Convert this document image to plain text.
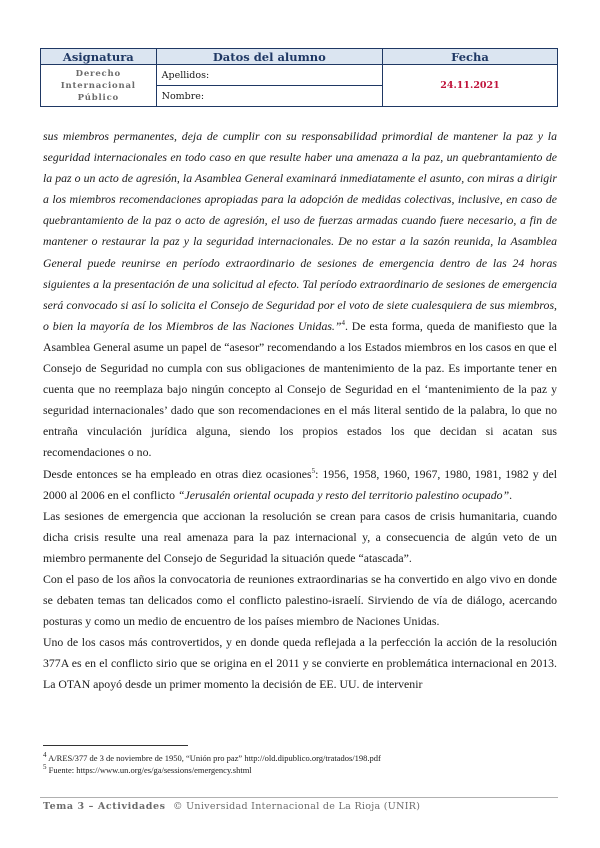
Asignatura	Datos del alumno	Fecha

Derecho
Internacional
Público	Apellidos:	24.11.2021
	Nombre:	

sus miembros permanentes, deja de cumplir con su responsabilidad primordial de mantener la paz y la seguridad internacionales en todo caso en que resulte haber una amenaza a la paz, un quebrantamiento de la paz o un acto de agresión, la Asamblea General examinará inmediatamente el asunto, con miras a dirigir a los miembros recomendaciones apropiadas para la adopción de medidas colectivas, inclusive, en caso de quebrantamiento de la paz o acto de agresión, el uso de fuerzas armadas cuando fuere necesario, a fin de mantener o restaurar la paz y la seguridad internacionales. De no estar a la sazón reunida, la Asamblea General puede reunirse en período extraordinario de sesiones de emergencia dentro de las 24 horas siguientes a la presentación de una solicitud al efecto. Tal período extraordinario de sesiones de emergencia será convocado si así lo solicita el Consejo de Seguridad por el voto de siete cualesquiera de sus miembros, o bien la mayoría de los Miembros de las Naciones Unidas.”$^4$. De esta forma, queda de manifiesto que la Asamblea General asume un papel de “asesor” recomendando a los Estados miembros en los casos en que el Consejo de Seguridad no cumpla con sus obligaciones de mantenimiento de la paz. Es importante tener en cuenta que no reemplaza bajo ningún concepto al Consejo de Seguridad en el ‘mantenimiento de la paz y seguridad internacionales’ dado que son recomendaciones en el más literal sentido de la palabra, lo que no entraña vinculación jurídica alguna, siendo los propios estados los que decidan si acatan sus recomendaciones o no.

Desde entonces se ha empleado en otras diez ocasiones$^5$: 1956, 1958, 1960, 1967, 1980, 1981, 1982 y del 2000 al 2006 en el conflicto “Jerusalén oriental ocupada y resto del territorio palestino ocupado”.

Las sesiones de emergencia que accionan la resolución se crean para casos de crisis humanitaria, cuando dicha crisis resulte una real amenaza para la paz internacional y, a consecuencia de algún veto de un miembro permanente del Consejo de Seguridad la situación quede “atascada”.

Con el paso de los años la convocatoria de reuniones extraordinarias se ha convertido en algo vivo en donde se debaten temas tan delicados como el conflicto palestino-israelí. Sirviendo de vía de diálogo, acercando posturas y como un medio de encuentro de los países miembro de Naciones Unidas.

Uno de los casos más controvertidos, y en donde queda reflejada a la perfección la acción de la resolución 377A es en el conflicto sirio que se origina en el 2011 y se convierte en problemática internacional en 2013. La OTAN apoyó desde un primer momento la decisión de EE. UU. de intervenir

$^4$ A/RES/377 de 3 de noviembre de 1950, “Unión pro paz” http://old.dipublico.org/tratados/198.pdf
$^5$ Fuente: https://www.un.org/es/ga/sessions/emergency.shtml
Tema 3 – Actividades © Universidad Internacional de La Rioja (UNIR)
